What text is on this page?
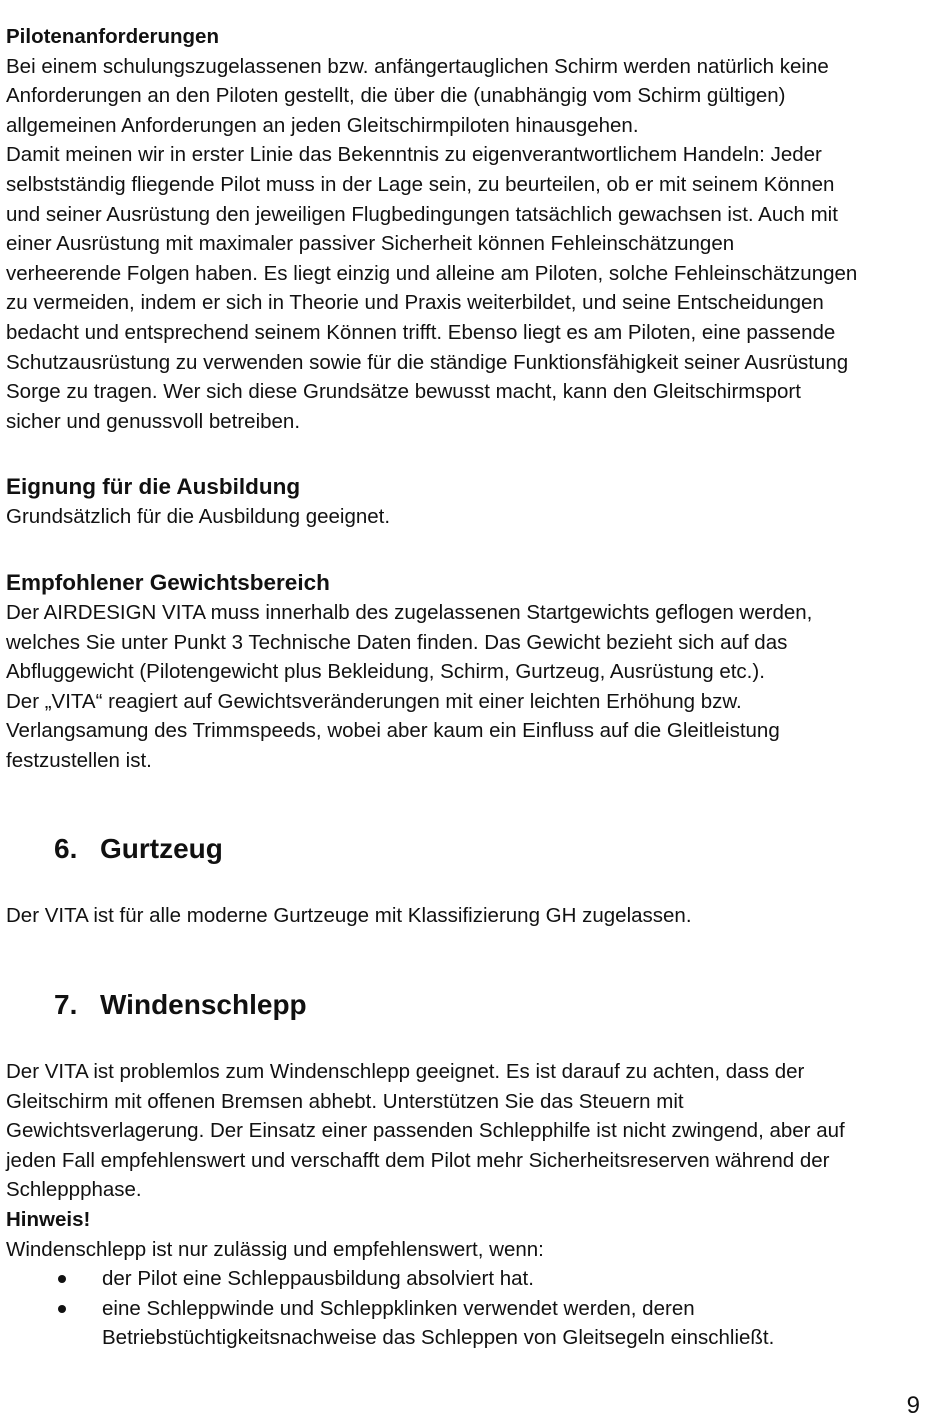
Pilotenanforderungen

Bei einem schulungszugelassenen bzw. anfängertauglichen Schirm werden natürlich keine

Anforderungen an den Piloten gestellt, die über die (unabhängig vom Schirm gültigen)

allgemeinen Anforderungen an jeden Gleitschirmpiloten hinausgehen.

Damit meinen wir in erster Linie das Bekenntnis zu eigenverantwortlichem Handeln: Jeder

selbstständig fliegende Pilot muss in der Lage sein, zu beurteilen, ob er mit seinem Können

und seiner Ausrüstung den jeweiligen Flugbedingungen tatsächlich gewachsen ist. Auch mit

einer Ausrüstung mit maximaler passiver Sicherheit können Fehleinschätzungen

verheerende Folgen haben. Es liegt einzig und alleine am Piloten, solche Fehleinschätzungen

zu vermeiden, indem er sich in Theorie und Praxis weiterbildet, und seine Entscheidungen

bedacht und entsprechend seinem Können trifft. Ebenso liegt es am Piloten, eine passende

Schutzausrüstung zu verwenden sowie für die ständige Funktionsfähigkeit seiner Ausrüstung

Sorge zu tragen. Wer sich diese Grundsätze bewusst macht, kann den Gleitschirmsport

sicher und genussvoll betreiben.

Eignung für die Ausbildung

Grundsätzlich für die Ausbildung geeignet.

Empfohlener Gewichtsbereich

Der AIRDESIGN VITA muss innerhalb des zugelassenen Startgewichts geflogen werden,

welches Sie unter Punkt 3 Technische Daten finden. Das Gewicht bezieht sich auf das

Abfluggewicht (Pilotengewicht plus Bekleidung, Schirm, Gurtzeug, Ausrüstung etc.).

Der „VITA“ reagiert auf Gewichtsveränderungen mit einer leichten Erhöhung bzw.

Verlangsamung des Trimmspeeds, wobei aber kaum ein Einfluss auf die Gleitleistung

festzustellen ist.

6. Gurtzeug

Der VITA ist für alle moderne Gurtzeuge mit Klassifizierung GH zugelassen.

7. Windenschlepp

Der VITA ist problemlos zum Windenschlepp geeignet. Es ist darauf zu achten, dass der

Gleitschirm mit offenen Bremsen abhebt. Unterstützen Sie das Steuern mit

Gewichtsverlagerung. Der Einsatz einer passenden Schlepphilfe ist nicht zwingend, aber auf

jeden Fall empfehlenswert und verschafft dem Pilot mehr Sicherheitsreserven während der

Schleppphase.

Hinweis!

Windenschlepp ist nur zulässig und empfehlenswert, wenn:

der Pilot eine Schleppausbildung absolviert hat.
eine Schleppwinde und Schleppklinken verwendet werden, deren
Betriebstüchtigkeitsnachweise das Schleppen von Gleitsegeln einschließt.
9
